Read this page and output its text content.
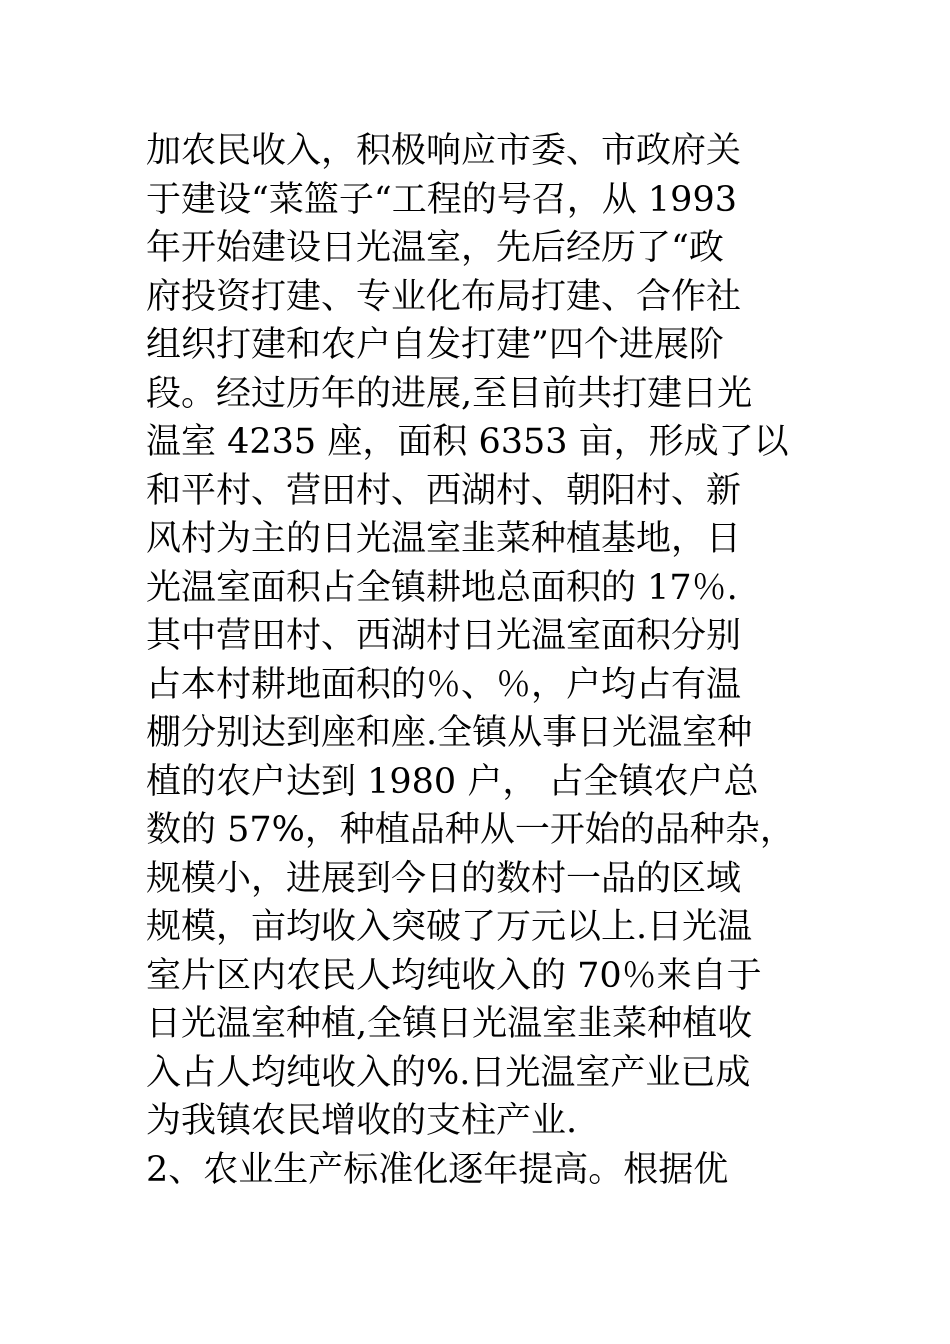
加农民收入，积极响应市委、市政府关
于建设“菜篮子“工程的号召，从 1993
年开始建设日光温室，先后经历了“政
府投资打建、专业化布局打建、合作社
组织打建和农户自发打建”四个进展阶
段。经过历年的进展,至目前共打建日光
温室 4235 座，面积 6353 亩，形成了以
和平村、营田村、西湖村、朝阳村、新
风村为主的日光温室韭菜种植基地，日
光温室面积占全镇耕地总面积的 17％.
其中营田村、西湖村日光温室面积分别
占本村耕地面积的％、％，户均占有温
棚分别达到座和座.全镇从事日光温室种
植的农户达到 1980 户， 占全镇农户总
数的 57%，种植品种从一开始的品种杂，
规模小，进展到今日的数村一品的区域
规模，亩均收入突破了万元以上.日光温
室片区内农民人均纯收入的 70％来自于
日光温室种植,全镇日光温室韭菜种植收
入占人均纯收入的%.日光温室产业已成
为我镇农民增收的支柱产业.
2、农业生产标准化逐年提高。根据优
